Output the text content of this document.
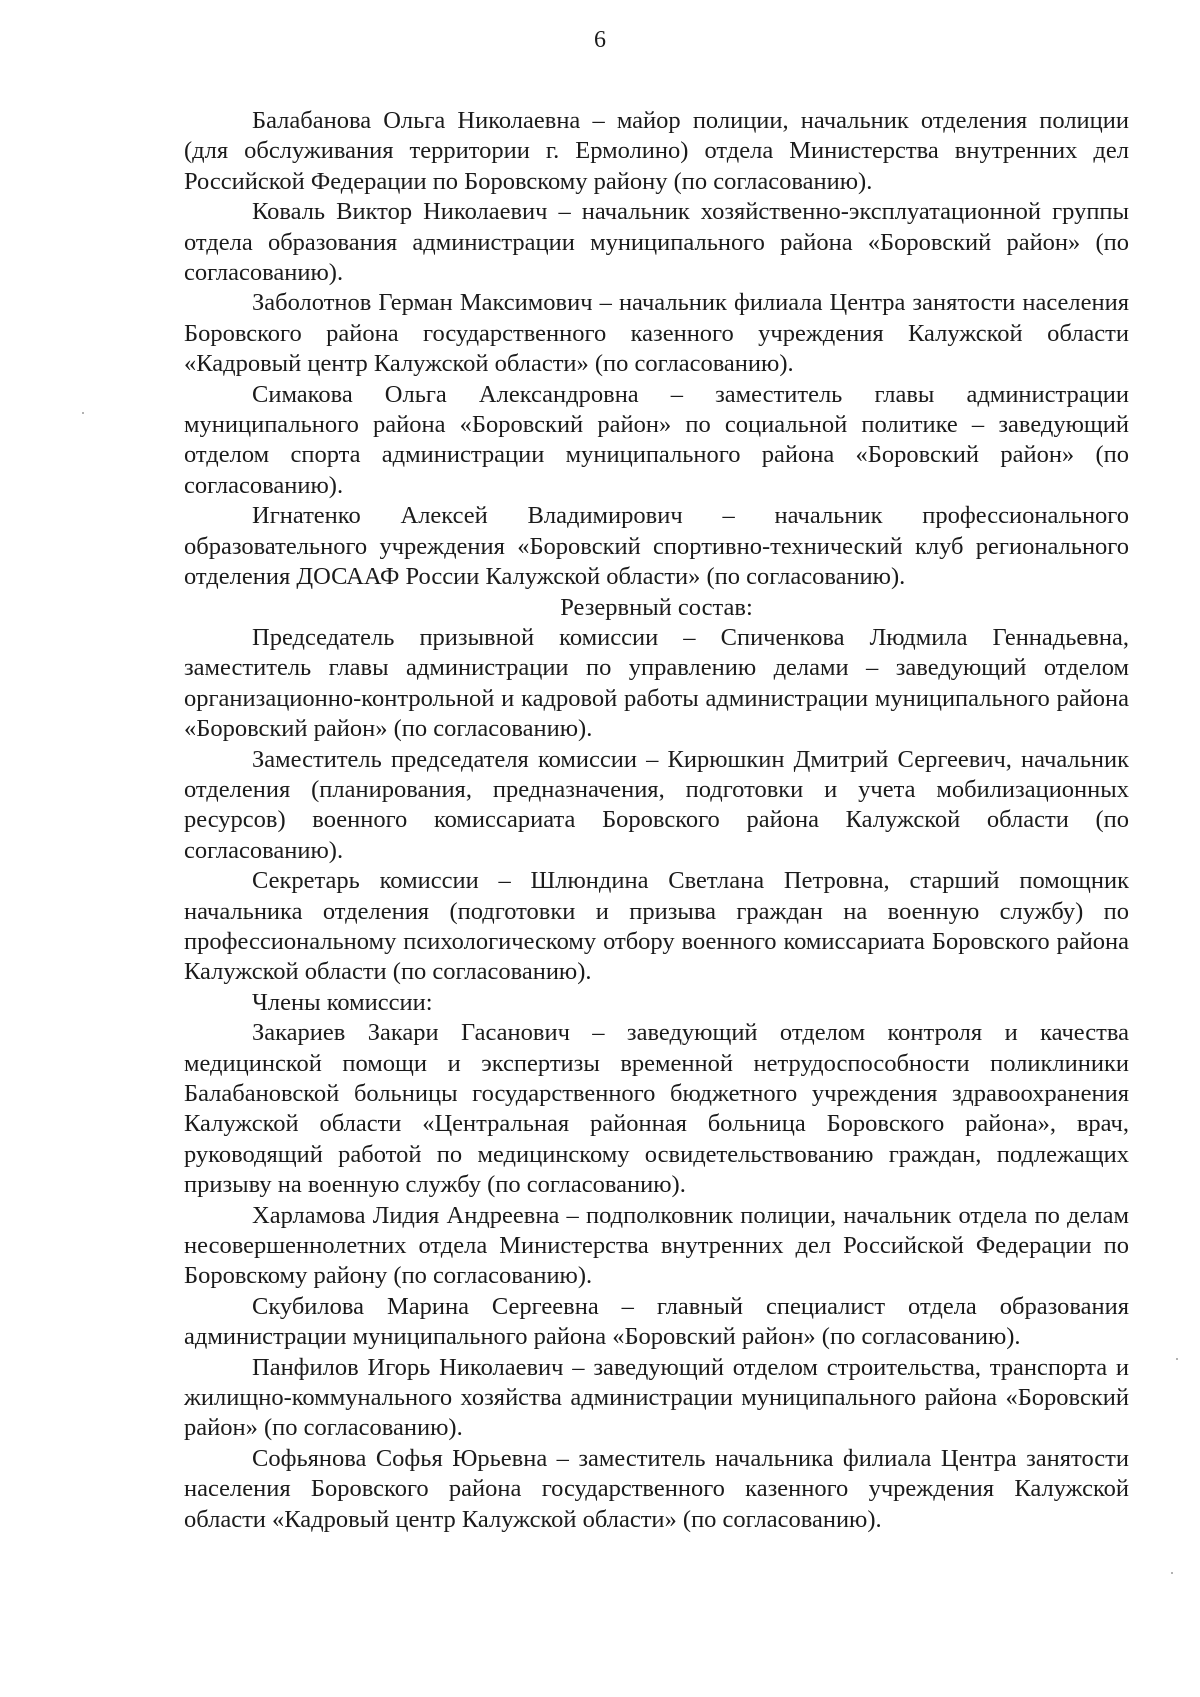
6

Балабанова Ольга Николаевна – майор полиции, начальник отделения полиции (для обслуживания территории г. Ермолино) отдела Министерства внутренних дел Российской Федерации по Боровскому району (по согласованию).

Коваль Виктор Николаевич – начальник хозяйственно-эксплуатационной группы отдела образования администрации муниципального района «Боровский район» (по согласованию).

Заболотнов Герман Максимович – начальник филиала Центра занятости населения Боровского района государственного казенного учреждения Калужской области «Кадровый центр Калужской области» (по согласованию).

Симакова Ольга Александровна – заместитель главы администрации муниципального района «Боровский район» по социальной политике – заведующий отделом спорта администрации муниципального района «Боровский район» (по согласованию).

Игнатенко Алексей Владимирович – начальник профессионального образовательного учреждения «Боровский спортивно-технический клуб регионального отделения ДОСААФ России Калужской области» (по согласованию).

Резервный состав:

Председатель призывной комиссии – Спиченкова Людмила Геннадьевна, заместитель главы администрации по управлению делами – заведующий отделом организационно-контрольной и кадровой работы администрации муниципального района «Боровский район» (по согласованию).

Заместитель председателя комиссии – Кирюшкин Дмитрий Сергеевич, начальник отделения (планирования, предназначения, подготовки и учета мобилизационных ресурсов) военного комиссариата Боровского района Калужской области (по согласованию).

Секретарь комиссии – Шлюндина Светлана Петровна, старший помощник начальника отделения (подготовки и призыва граждан на военную службу) по профессиональному психологическому отбору военного комиссариата Боровского района Калужской области (по согласованию).

Члены комиссии:

Закариев Закари Гасанович – заведующий отделом контроля и качества медицинской помощи и экспертизы временной нетрудоспособности поликлиники Балабановской больницы государственного бюджетного учреждения здравоохранения Калужской области «Центральная районная больница Боровского района», врач, руководящий работой по медицинскому освидетельствованию граждан, подлежащих призыву на военную службу (по согласованию).

Харламова Лидия Андреевна – подполковник полиции, начальник отдела по делам несовершеннолетних отдела Министерства внутренних дел Российской Федерации по Боровскому району (по согласованию).

Скубилова Марина Сергеевна – главный специалист отдела образования администрации муниципального района «Боровский район» (по согласованию).

Панфилов Игорь Николаевич – заведующий отделом строительства, транспорта и жилищно-коммунального хозяйства администрации муниципального района «Боровский район» (по согласованию).

Софьянова Софья Юрьевна – заместитель начальника филиала Центра занятости населения Боровского района государственного казенного учреждения Калужской области «Кадровый центр Калужской области» (по согласованию).
